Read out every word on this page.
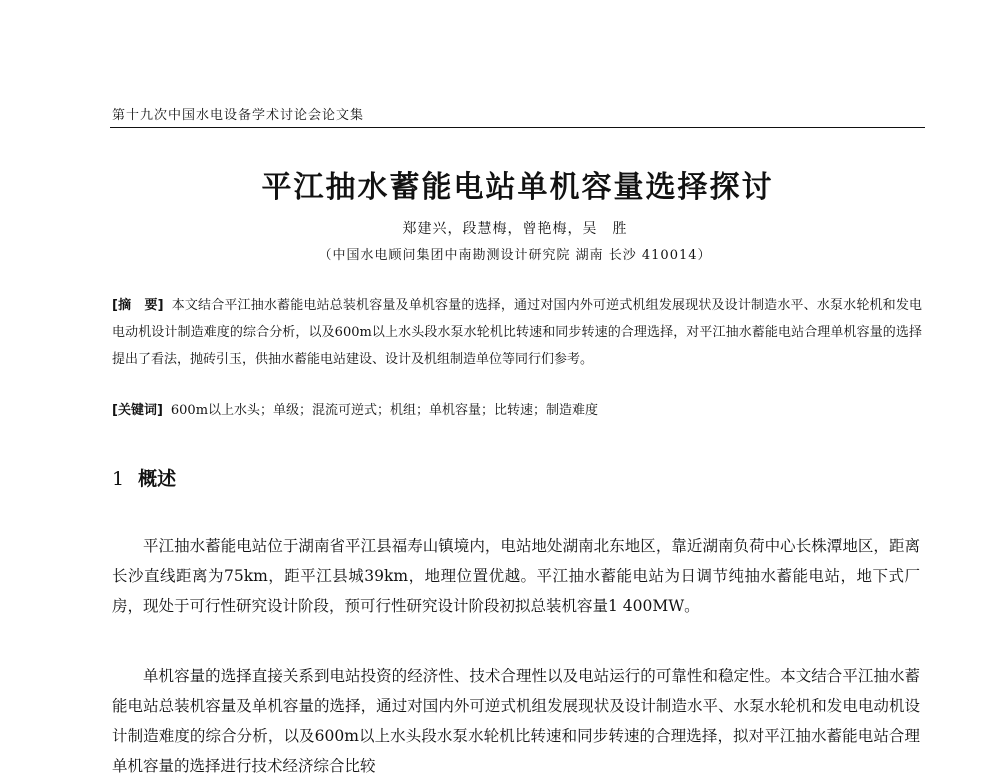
第十九次中国水电设备学术讨论会论文集
平江抽水蓄能电站单机容量选择探讨
郑建兴，段慧梅，曾艳梅，吴　胜
（中国水电顾问集团中南勘测设计研究院 湖南 长沙 410014）
[摘　要] 本文结合平江抽水蓄能电站总装机容量及单机容量的选择，通过对国内外可逆式机组发展现状及设计制造水平、水泵水轮机和发电电动机设计制造难度的综合分析，以及600m以上水头段水泵水轮机比转速和同步转速的合理选择，对平江抽水蓄能电站合理单机容量的选择提出了看法，抛砖引玉，供抽水蓄能电站建设、设计及机组制造单位等同行们参考。
[关键词] 600m以上水头；单级；混流可逆式；机组；单机容量；比转速；制造难度
1 概述

平江抽水蓄能电站位于湖南省平江县福寿山镇境内，电站地处湖南北东地区，靠近湖南负荷中心长株潭地区，距离长沙直线距离为75km，距平江县城39km，地理位置优越。平江抽水蓄能电站为日调节纯抽水蓄能电站，地下式厂房，现处于可行性研究设计阶段，预可行性研究设计阶段初拟总装机容量1 400MW。

单机容量的选择直接关系到电站投资的经济性、技术合理性以及电站运行的可靠性和稳定性。本文结合平江抽水蓄能电站总装机容量及单机容量的选择，通过对国内外可逆式机组发展现状及设计制造水平、水泵水轮机和发电电动机设计制造难度的综合分析，以及600m以上水头段水泵水轮机比转速和同步转速的合理选择，拟对平江抽水蓄能电站合理单机容量的选择进行技术经济综合比较
